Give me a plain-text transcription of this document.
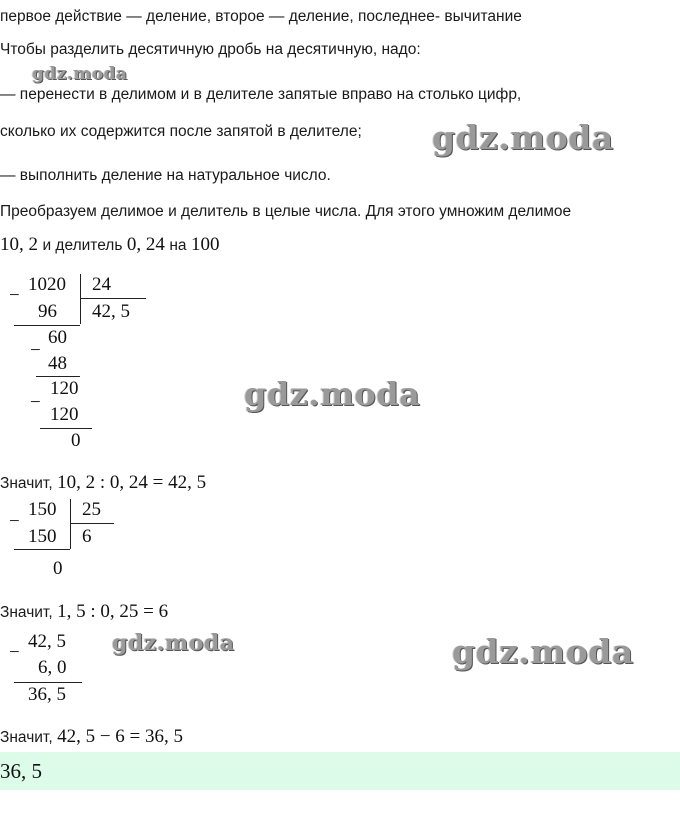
первое действие — деление, второе — деление, последнее- вычитание
Чтобы разделить десятичную дробь на десятичную, надо:
— перенести в делимом и в делителе запятые вправо на столько цифр,
сколько их содержится после запятой в делителе;
— выполнить деление на натуральное число.
Преобразуем делимое и делитель в целые числа. Для этого умножим делимое
10, 2 и делитель 0, 24 на 100
−
1020 24
96 42, 5
−
60
48
−
120
120
0
Значит, 10, 2 : 0, 24 = 42, 5
−
150 25
150 6
0
Значит, 1, 5 : 0, 25 = 6
−
42, 5
6, 0
36, 5
Значит, 42, 5 − 6 = 36, 5
36, 5
gdz.moda
gdz.moda
gdz.moda
gdz.moda	gdz.moda
